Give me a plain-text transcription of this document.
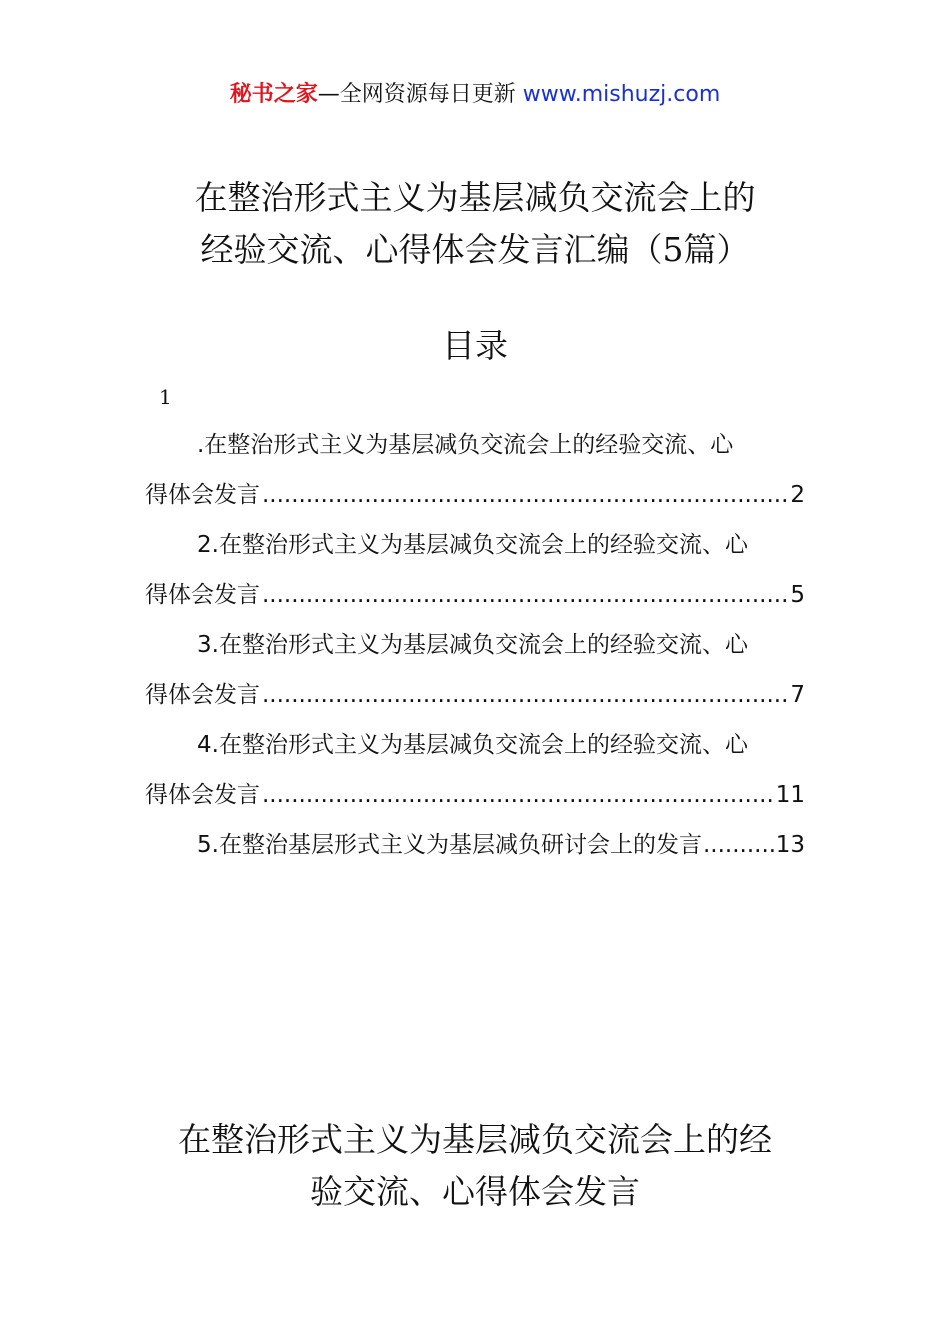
秘书之家—全网资源每日更新 www.mishuzj.com
在整治形式主义为基层减负交流会上的
经验交流、心得体会发言汇编（5篇）
目录
1
.在整治形式主义为基层减负交流会上的经验交流、心
得体会发言 .....	2
2.在整治形式主义为基层减负交流会上的经验交流、心
得体会发言 .....	5
3.在整治形式主义为基层减负交流会上的经验交流、心
得体会发言 .....	7
4.在整治形式主义为基层减负交流会上的经验交流、心
得体会发言 .....	11
5.在整治基层形式主义为基层减负研讨会上的发言 .....	13
在整治形式主义为基层减负交流会上的经
验交流、心得体会发言
